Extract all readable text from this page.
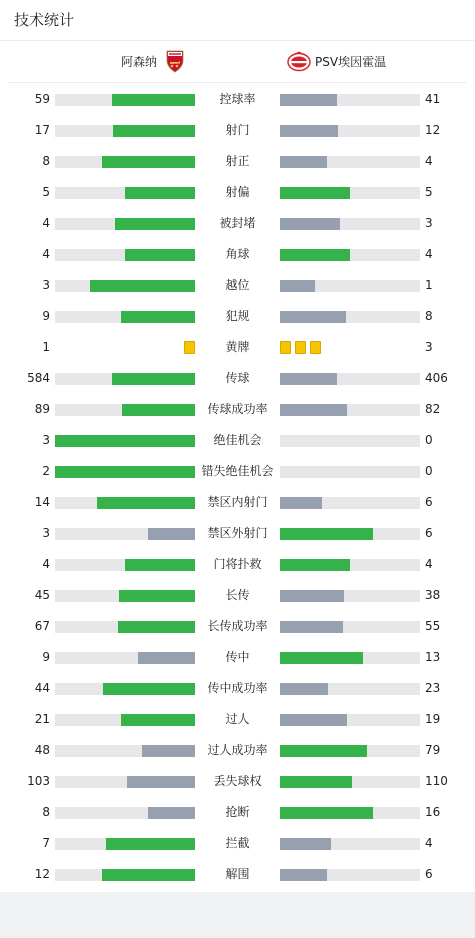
技术统计
阿森纳	PSV埃因霍温
59	控球率	41
17	射门	12
8	射正	4
5	射偏	5
4	被封堵	3
4	角球	4
3	越位	1
9	犯规	8
1	黄牌	3
584	传球	406
89	传球成功率	82
3	绝佳机会	0
2	错失绝佳机会	0
14	禁区内射门	6
3	禁区外射门	6
4	门将扑救	4
45	长传	38
67	长传成功率	55
9	传中	13
44	传中成功率	23
21	过人	19
48	过人成功率	79
103	丢失球权	110
8	抢断	16
7	拦截	4
12	解围	6
